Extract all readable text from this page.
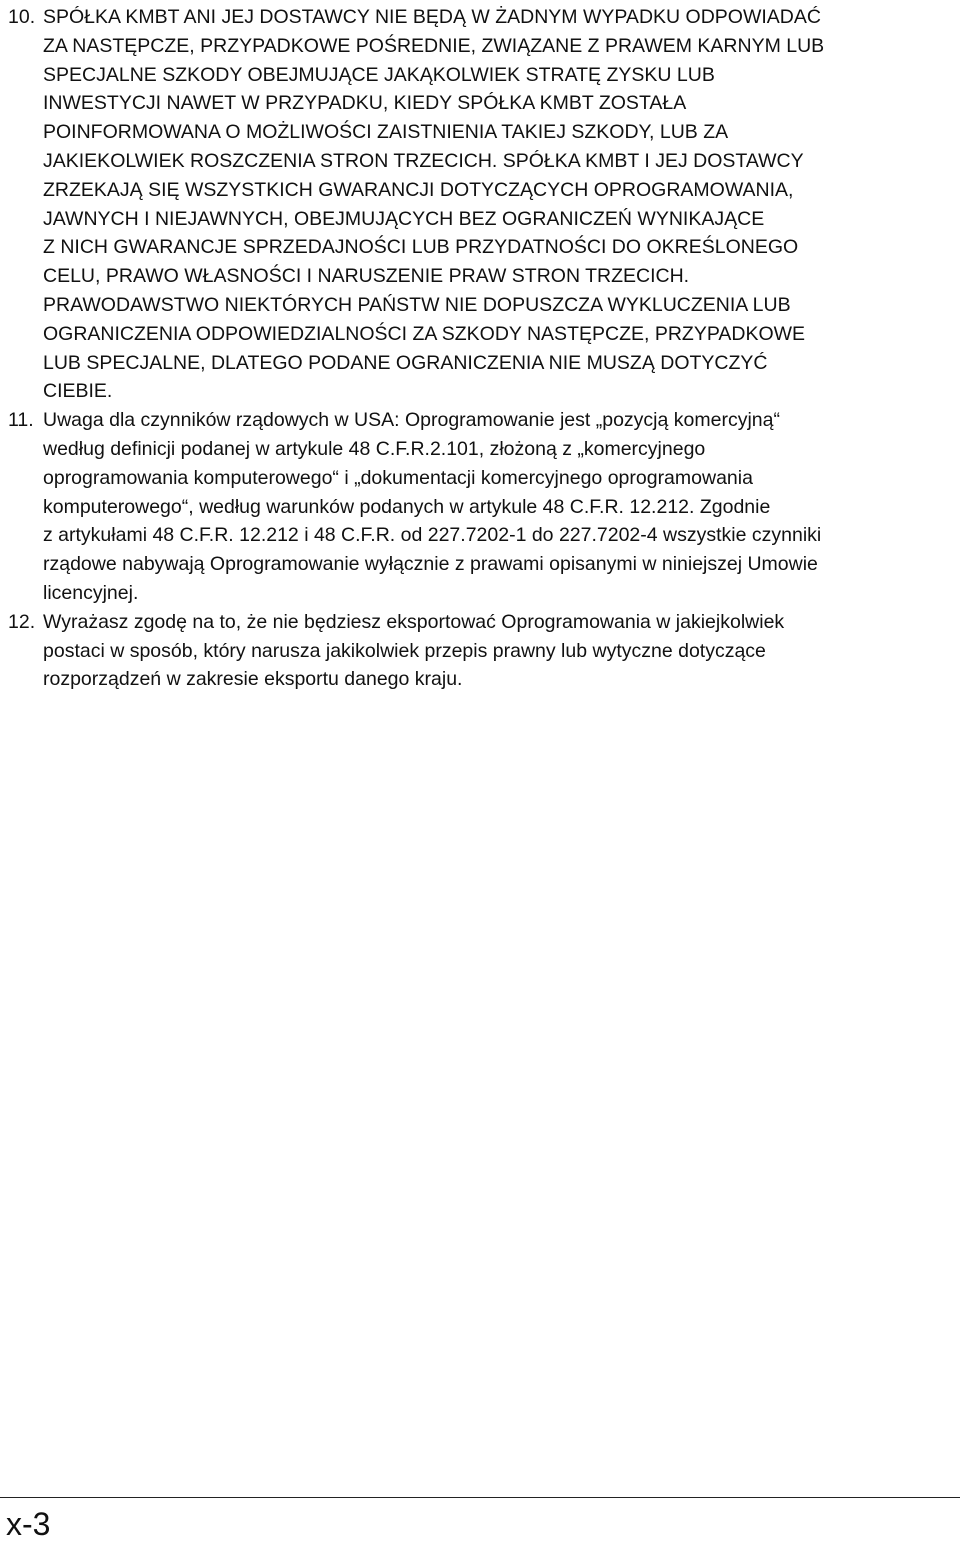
10. SPÓŁKA KMBT ANI JEJ DOSTAWCY NIE BĘDĄ W ŻADNYM WYPADKU ODPOWIADAĆ
ZA NASTĘPCZE, PRZYPADKOWE POŚREDNIE, ZWIĄZANE Z PRAWEM KARNYM LUB
SPECJALNE SZKODY OBEJMUJĄCE JAKĄKOLWIEK STRATĘ ZYSKU LUB
INWESTYCJI NAWET W PRZYPADKU, KIEDY SPÓŁKA KMBT ZOSTAŁA
POINFORMOWANA O MOŻLIWOŚCI ZAISTNIENIA TAKIEJ SZKODY, LUB ZA
JAKIEKOLWIEK ROSZCZENIA STRON TRZECICH. SPÓŁKA KMBT I JEJ DOSTAWCY
ZRZEKAJĄ SIĘ WSZYSTKICH GWARANCJI DOTYCZĄCYCH OPROGRAMOWANIA,
JAWNYCH I NIEJAWNYCH, OBEJMUJĄCYCH BEZ OGRANICZEŃ WYNIKAJĄCE
Z NICH GWARANCJE SPRZEDAJNOŚCI LUB PRZYDATNOŚCI DO OKREŚLONEGO
CELU, PRAWO WŁASNOŚCI I NARUSZENIE PRAW STRON TRZECICH.
PRAWODAWSTWO NIEKTÓRYCH PAŃSTW NIE DOPUSZCZA WYKLUCZENIA LUB
OGRANICZENIA ODPOWIEDZIALNOŚCI ZA SZKODY NASTĘPCZE, PRZYPADKOWE
LUB SPECJALNE, DLATEGO PODANE OGRANICZENIA NIE MUSZĄ DOTYCZYĆ
CIEBIE.

11. Uwaga dla czynników rządowych w USA: Oprogramowanie jest „pozycją komercyjną“
według definicji podanej w artykule 48 C.F.R.2.101, złożoną z „komercyjnego
oprogramowania komputerowego“ i „dokumentacji komercyjnego oprogramowania
komputerowego“, według warunków podanych w artykule 48 C.F.R. 12.212. Zgodnie
z artykułami 48 C.F.R. 12.212 i 48 C.F.R. od 227.7202-1 do 227.7202-4 wszystkie czynniki
rządowe nabywają Oprogramowanie wyłącznie z prawami opisanymi w niniejszej Umowie
licencyjnej.

12. Wyrażasz zgodę na to, że nie będziesz eksportować Oprogramowania w jakiejkolwiek
postaci w sposób, który narusza jakikolwiek przepis prawny lub wytyczne dotyczące
rozporządzeń w zakresie eksportu danego kraju.

x-3
